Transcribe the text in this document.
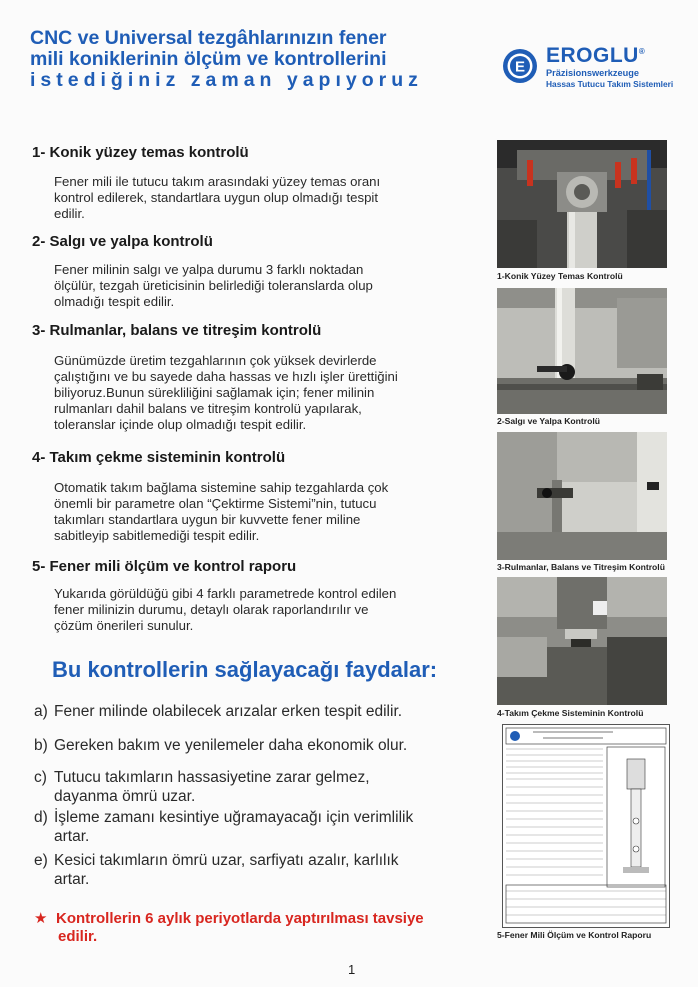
CNC ve Universal tezgâhlarınızın fener
mili koniklerinin ölçüm ve kontrollerini
istediğiniz zaman yapıyoruz
E EROGLU®
Präzisionswerkzeuge
Hassas Tutucu Takım Sistemleri
1- Konik yüzey temas kontrolü
Fener mili ile tutucu takım arasındaki yüzey temas oranı
kontrol edilerek, standartlara uygun olup olmadığı tespit
edilir.
2- Salgı ve yalpa kontrolü
Fener milinin salgı ve yalpa durumu 3 farklı noktadan
ölçülür, tezgah üreticisinin belirlediği toleranslarda olup
olmadığı tespit edilir.
3- Rulmanlar, balans ve titreşim kontrolü
Günümüzde üretim tezgahlarının çok yüksek devirlerde
çalıştığını ve bu sayede daha hassas ve hızlı işler ürettiğini
biliyoruz.Bunun sürekliliğini sağlamak için; fener milinin
rulmanları dahil balans ve titreşim kontrolü yapılarak,
toleranslar içinde olup olmadığı tespit edilir.
4- Takım çekme sisteminin kontrolü
Otomatik takım bağlama sistemine sahip tezgahlarda çok
önemli bir parametre olan “Çektirme Sistemi”nin, tutucu
takımları standartlara uygun bir kuvvette fener miline
sabitleyip sabitlemediği tespit edilir.
5- Fener mili ölçüm ve kontrol raporu
Yukarıda görüldüğü gibi 4 farklı parametrede kontrol edilen
fener milinizin durumu, detaylı olarak raporlandırılır ve
çözüm önerileri sunulur.
Bu kontrollerin sağlayacağı faydalar:
a) Fener milinde olabilecek arızalar erken tespit edilir.
b) Gereken bakım ve yenilemeler daha ekonomik olur.
c) Tutucu takımların hassasiyetine zarar gelmez,
dayanma ömrü uzar.
d) İşleme zamanı kesintiye uğramayacağı için verimlilik
artar.
e) Kesici takımların ömrü uzar, sarfiyatı azalır, karlılık
artar.
★ Kontrollerin 6 aylık periyotlarda yaptırılması tavsiye
edilir.
1
1-Konik Yüzey Temas Kontrolü
2-Salgı ve Yalpa Kontrolü
3-Rulmanlar, Balans ve Titreşim Kontrolü
4-Takım Çekme Sisteminin Kontrolü
5-Fener Mili Ölçüm ve Kontrol Raporu
